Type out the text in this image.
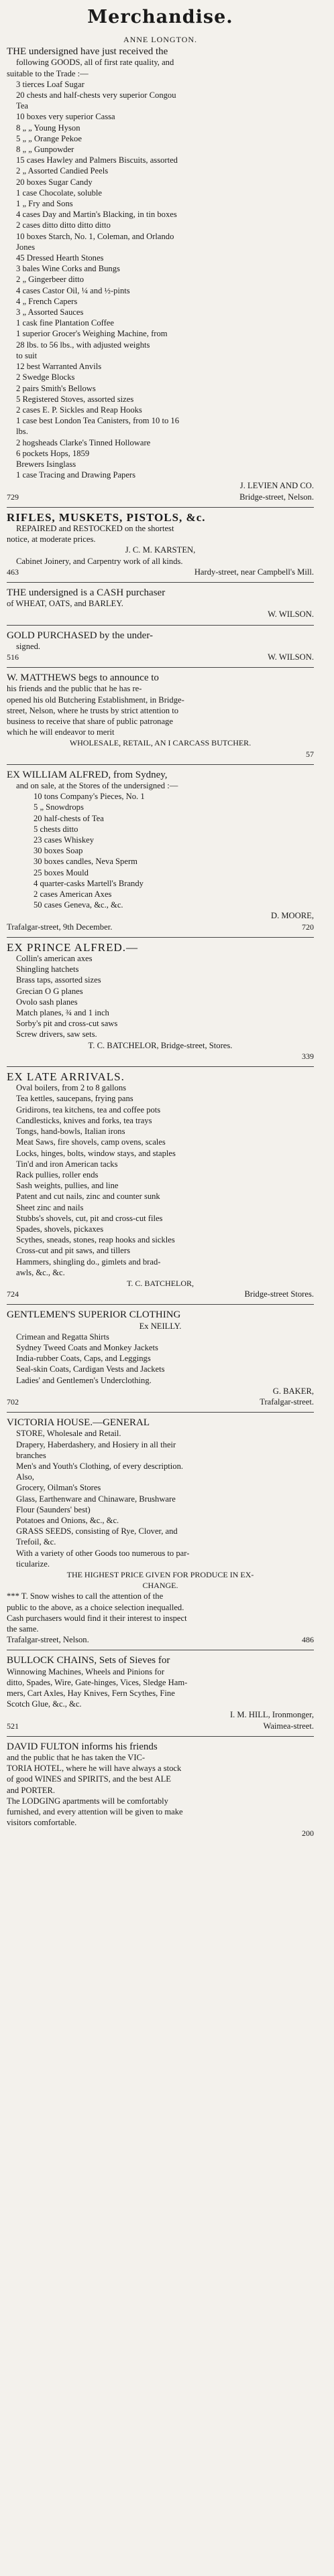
Merchandise.
ANNE LONGTON.
THE undersigned have just received the
following GOODS, all of first rate quality, and
suitable to the Trade :—
3 tierces Loaf Sugar
20 chests and half-chests very superior Congou
Tea
10 boxes very superior Cassa
8 „ „ Young Hyson
5 „ „ Orange Pekoe
8 „ „ Gunpowder
15 cases Hawley and Palmers Biscuits, assorted
2 „ Assorted Candied Peels
20 boxes Sugar Candy
1 case Chocolate, soluble
1 „ Fry and Sons
4 cases Day and Martin's Blacking, in tin boxes
2 cases ditto ditto ditto ditto
10 boxes Starch, No. 1, Coleman, and Orlando
Jones
45 Dressed Hearth Stones
3 bales Wine Corks and Bungs
2 „ Gingerbeer ditto
4 cases Castor Oil, ¼ and ½-pints
4 „ French Capers
3 „ Assorted Sauces
1 cask fine Plantation Coffee
1 superior Grocer's Weighing Machine, from
28 lbs. to 56 lbs., with adjusted weights
to suit
12 best Warranted Anvils
2 Swedge Blocks
2 pairs Smith's Bellows
5 Registered Stoves, assorted sizes
2 cases E. P. Sickles and Reap Hooks
1 case best London Tea Canisters, from 10 to 16
lbs.
2 hogsheads Clarke's Tinned Holloware
6 pockets Hops, 1859
Brewers Isinglass
1 case Tracing and Drawing Papers
J. LEVIEN AND CO.
729	Bridge-street, Nelson.
RIFLES, MUSKETS, PISTOLS, &c.
REPAIRED and RESTOCKED on the shortest
notice, at moderate prices.
J. C. M. KARSTEN,
Cabinet Joinery, and Carpentry work of all kinds.
463	Hardy-street, near Campbell's Mill.
THE undersigned is a CASH purchaser
of WHEAT, OATS, and BARLEY.
W. WILSON.
GOLD PURCHASED by the under-
signed.
516	W. WILSON.
W. MATTHEWS begs to announce to
his friends and the public that he has re-
opened his old Butchering Establishment, in Bridge-
street, Nelson, where he trusts by strict attention to
business to receive that share of public patronage
which he will endeavor to merit
WHOLESALE, RETAIL, AN I CARCASS BUTCHER.
57
EX WILLIAM ALFRED, from Sydney,
and on sale, at the Stores of the undersigned :—
10 tons Company's Pieces, No. 1
5 „ Snowdrops
20 half-chests of Tea
5 chests ditto
23 cases Whiskey
30 boxes Soap
30 boxes candles, Neva Sperm
25 boxes Mould
4 quarter-casks Martell's Brandy
2 cases American Axes
50 cases Geneva, &c., &c.
D. MOORE,
Trafalgar-street, 9th December.	720
EX PRINCE ALFRED.—
Collin's american axes
Shingling hatchets
Brass taps, assorted sizes
Grecian O G planes
Ovolo sash planes
Match planes, ¾ and 1 inch
Sorby's pit and cross-cut saws
Screw drivers, saw sets.
T. C. BATCHELOR, Bridge-street, Stores.
339
EX LATE ARRIVALS.
Oval boilers, from 2 to 8 gallons
Tea kettles, saucepans, frying pans
Gridirons, tea kitchens, tea and coffee pots
Candlesticks, knives and forks, tea trays
Tongs, hand-bowls, Italian irons
Meat Saws, fire shovels, camp ovens, scales
Locks, hinges, bolts, window stays, and staples
Tin'd and iron American tacks
Rack pullies, roller ends
Sash weights, pullies, and line
Patent and cut nails, zinc and counter sunk
Sheet zinc and nails
Stubbs's shovels, cut, pit and cross-cut files
Spades, shovels, pickaxes
Scythes, sneads, stones, reap hooks and sickles
Cross-cut and pit saws, and tillers
Hammers, shingling do., gimlets and brad-
awls, &c., &c.
T. C. BATCHELOR,
724	Bridge-street Stores.
GENTLEMEN'S SUPERIOR CLOTHING
Ex NEILLY.
Crimean and Regatta Shirts
Sydney Tweed Coats and Monkey Jackets
India-rubber Coats, Caps, and Leggings
Seal-skin Coats, Cardigan Vests and Jackets
Ladies' and Gentlemen's Underclothing.
G. BAKER,
702	Trafalgar-street.
VICTORIA HOUSE.—GENERAL
STORE, Wholesale and Retail.
Drapery, Haberdashery, and Hosiery in all their
branches
Men's and Youth's Clothing, of every description.
Also,
Grocery, Oilman's Stores
Glass, Earthenware and Chinaware, Brushware
Flour (Saunders' best)
Potatoes and Onions, &c., &c.
GRASS SEEDS, consisting of Rye, Clover, and
Trefoil, &c.
With a variety of other Goods too numerous to par-
ticularize.
THE HIGHEST PRICE GIVEN FOR PRODUCE IN EX-
CHANGE.
*** T. Snow wishes to call the attention of the
public to the above, as a choice selection inequalled.
Cash purchasers would find it their interest to inspect
the same.
Trafalgar-street, Nelson.	486
BULLOCK CHAINS, Sets of Sieves for
Winnowing Machines, Wheels and Pinions for
ditto, Spades, Wire, Gate-hinges, Vices, Sledge Ham-
mers, Cart Axles, Hay Knives, Fern Scythes, Fine
Scotch Glue, &c., &c.
I. M. HILL, Ironmonger,
521	Waimea-street.
DAVID FULTON informs his friends
and the public that he has taken the VIC-
TORIA HOTEL, where he will have always a stock
of good WINES and SPIRITS, and the best ALE
and PORTER.
The LODGING apartments will be comfortably
furnished, and every attention will be given to make
visitors comfortable.
200
